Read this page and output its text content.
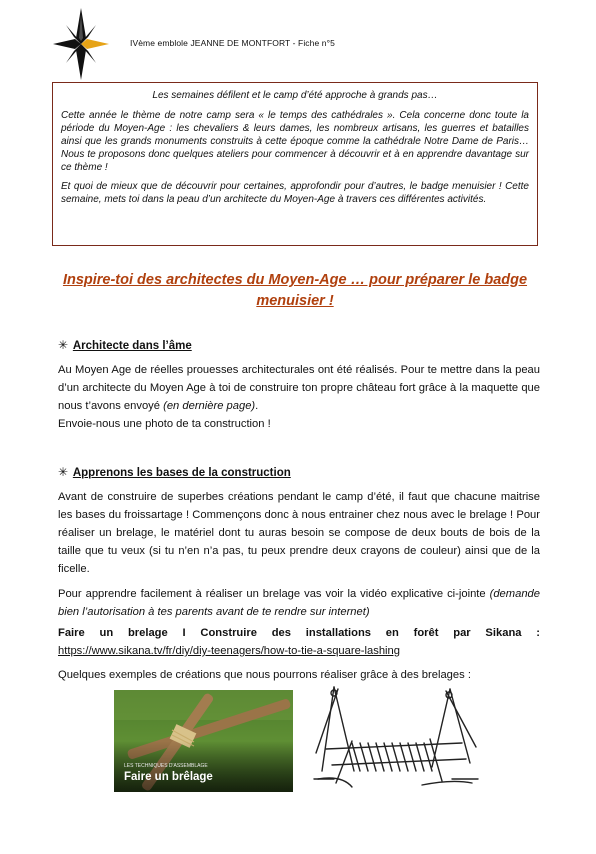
IVème emblole JEANNE DE MONTFORT - Fiche n°5

Les semaines défilent et le camp d’été approche à grands pas…

Cette année le thème de notre camp sera « le temps des cathédrales ». Cela concerne donc toute la période du Moyen-Age : les chevaliers & leurs dames, les nombreux artisans, les guerres et batailles ainsi que les grands monuments construits à cette époque comme la cathédrale Notre Dame de Paris… Nous te proposons donc quelques ateliers pour commencer à découvrir et à en apprendre davantage sur ce thème !

Et quoi de mieux que de découvrir pour certaines, approfondir pour d’autres, le badge menuisier ! Cette semaine, mets toi dans la peau d’un architecte du Moyen-Age à travers ces différentes activités.

Inspire-toi des architectes du Moyen-Age … pour préparer le badge menuisier !
✳ Architecte dans l’âme

Au Moyen Age de réelles prouesses architecturales ont été réalisés. Pour te mettre dans la peau d’un architecte du Moyen Age à toi de construire ton propre château fort grâce à la maquette que nous t’avons envoyé (en dernière page).

Envoie-nous une photo de ta construction !

✳ Apprenons les bases de la construction

Avant de construire de superbes créations pendant le camp d’été, il faut que chacune maitrise les bases du froissartage ! Commençons donc à nous entrainer chez nous avec le brelage ! Pour réaliser un brelage, le matériel dont tu auras besoin se compose de deux bouts de bois de la taille que tu veux (si tu n’en n’a pas, tu peux prendre deux crayons de couleur) ainsi que de la ficelle.

Pour apprendre facilement à réaliser un brelage vas voir la vidéo explicative ci-jointe (demande bien l’autorisation à tes parents avant de te rendre sur internet)

Faire un brelage I Construire des installations en forêt par Sikana : https://www.sikana.tv/fr/diy/diy-teenagers/how-to-tie-a-square-lashing

Quelques exemples de créations que nous pourrons réaliser grâce à des brelages :

LES TECHNIQUES D'ASSEMBLAGE
Faire un brêlage
